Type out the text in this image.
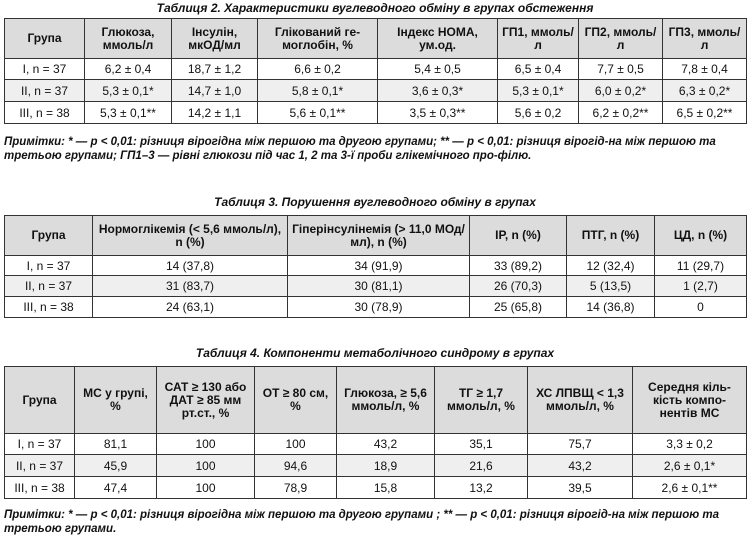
Таблиця 2. Характеристики вуглеводного обміну в групах обстеження
Група	Глюкоза, ммоль/л	Інсулін, мкОД/мл	Глікований ге-моглобін, %	Індекс НОМА, ум.од.	ГП1, ммоль/л	ГП2, ммоль/л	ГП3, ммоль/л
I, n = 37	6,2 ± 0,4	18,7 ± 1,2	6,6 ± 0,2	5,4 ± 0,5	6,5 ± 0,4	7,7 ± 0,5	7,8 ± 0,4
II, n = 37	5,3 ± 0,1*	14,7 ± 1,0	5,8 ± 0,1*	3,6 ± 0,3*	5,3 ± 0,1*	6,0 ± 0,2*	6,3 ± 0,2*
III, n = 38	5,3 ± 0,1**	14,2 ± 1,1	5,6 ± 0,1**	3,5 ± 0,3**	5,6 ± 0,2	6,2 ± 0,2**	6,5 ± 0,2**
Примітки: * — p < 0,01: різниця вірогідна між першою та другою групами; ** — p < 0,01: різниця вірогід-на між першою та третьою групами; ГП1–3 — рівні глюкози під час 1, 2 та 3-ї проби глікемічного про-філю.
Таблиця 3. Порушення вуглеводного обміну в групах
Група	Нормоглікемія (< 5,6 ммоль/л), n (%)	Гіперінсулінемія (> 11,0 МОд/мл), n (%)	ІР, n (%)	ПТГ, n (%)	ЦД, n (%)
I, n = 37	14 (37,8)	34 (91,9)	33 (89,2)	12 (32,4)	11 (29,7)
II, n = 37	31 (83,7)	30 (81,1)	26 (70,3)	5 (13,5)	1 (2,7)
III, n = 38	24 (63,1)	30 (78,9)	25 (65,8)	14 (36,8)	0
Таблиця 4. Компоненти метаболічного синдрому в групах
Група	МС у групі, %	САТ ≥ 130 або ДАТ ≥ 85 мм рт.ст., %	ОТ ≥ 80 см, %	Глюкоза, ≥ 5,6 ммоль/л, %	ТГ ≥ 1,7 ммоль/л, %	ХС ЛПВЩ < 1,3 ммоль/л, %	Середня кіль-кість компо-нентів МС
I, n = 37	81,1	100	100	43,2	35,1	75,7	3,3 ± 0,2
II, n = 37	45,9	100	94,6	18,9	21,6	43,2	2,6 ± 0,1*
III, n = 38	47,4	100	78,9	15,8	13,2	39,5	2,6 ± 0,1**
Примітки: * — p < 0,01: різниця вірогідна між першою та другою групами ; ** — p < 0,01: різниця вірогід-на між першою та третьою групами.
